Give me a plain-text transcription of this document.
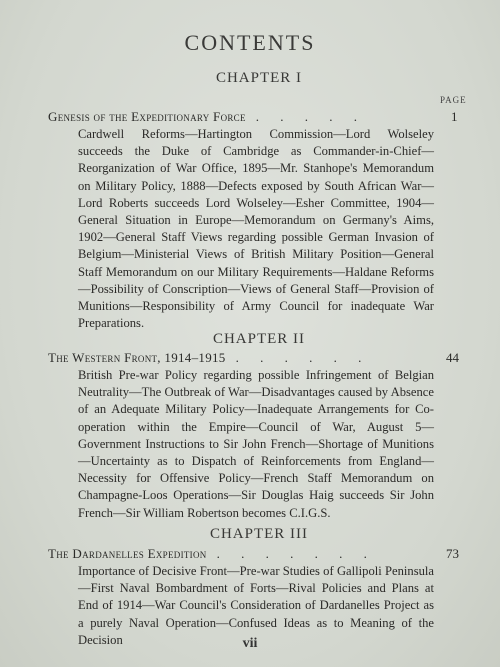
CONTENTS
CHAPTER I
PAGE
Genesis of the Expeditionary Force . . . . .	1
Cardwell Reforms—Hartington Commission—Lord Wolseley succeeds the Duke of Cambridge as Commander-in-Chief—Reorganization of War Office, 1895—Mr. Stanhope's Memorandum on Military Policy, 1888—Defects exposed by South African War—Lord Roberts succeeds Lord Wolseley—Esher Committee, 1904—General Situation in Europe—Memorandum on Germany's Aims, 1902—General Staff Views regarding possible German Invasion of Belgium—Ministerial Views of British Military Position—General Staff Memorandum on our Military Requirements—Haldane Reforms—Possibility of Conscription—Views of General Staff—Provision of Munitions—Responsibility of Army Council for inadequate War Preparations.
CHAPTER II
The Western Front, 1914–1915 . . . . . .	44
British Pre-war Policy regarding possible Infringement of Belgian Neutrality—The Outbreak of War—Disadvantages caused by Absence of an Adequate Military Policy—Inadequate Arrangements for Co-operation within the Empire—Council of War, August 5—Government Instructions to Sir John French—Shortage of Munitions—Uncertainty as to Dispatch of Reinforcements from England—Necessity for Offensive Policy—French Staff Memorandum on Champagne-Loos Operations—Sir Douglas Haig succeeds Sir John French—Sir William Robertson becomes C.I.G.S.
CHAPTER III
The Dardanelles Expedition . . . . . . .	73
Importance of Decisive Front—Pre-war Studies of Gallipoli Peninsula—First Naval Bombardment of Forts—Rival Policies and Plans at End of 1914—War Council's Consideration of Dardanelles Project as a purely Naval Operation—Confused Ideas as to Meaning of the Decision	vii
